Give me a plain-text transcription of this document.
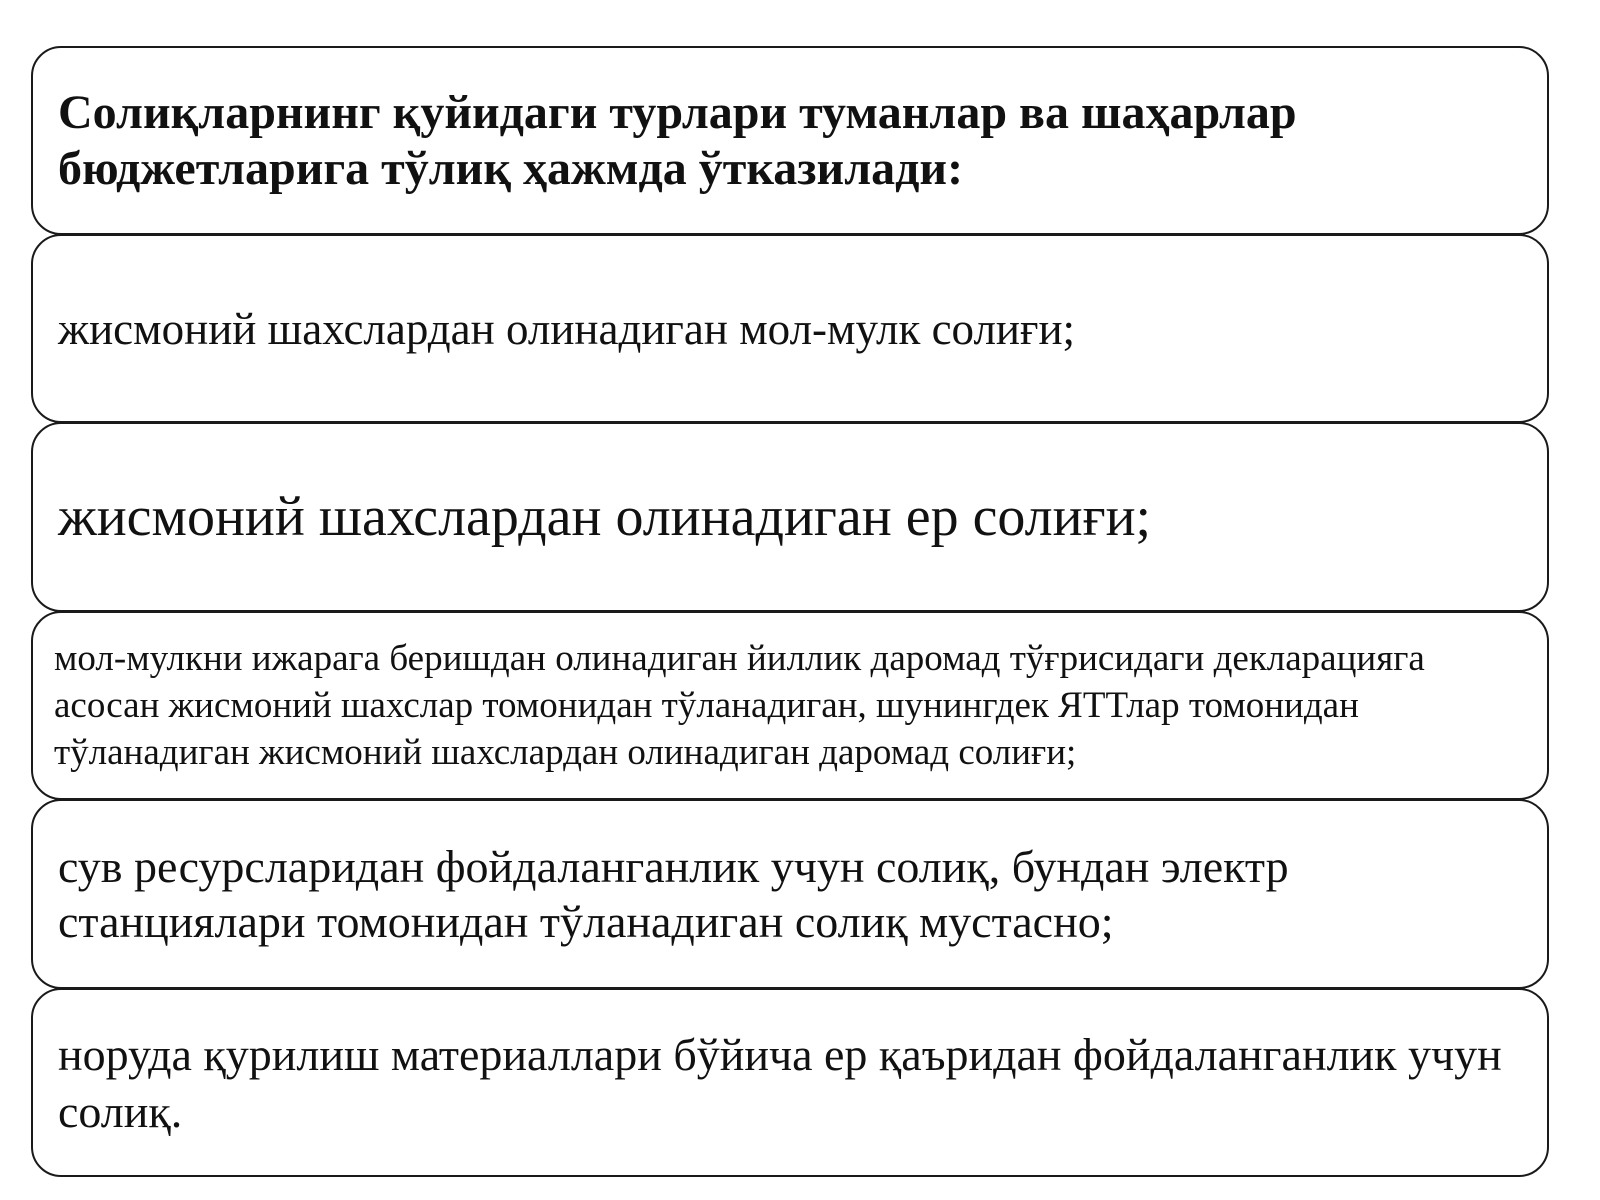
Солиқларнинг қуйидаги турлари туманлар ва шаҳарлар бюджетларига тўлиқ ҳажмда ўтказилади:

жисмоний шахслардан олинадиган мол-мулк солиғи;

жисмоний шахслардан олинадиган ер солиғи;

мол-мулкни ижарага беришдан олинадиган йиллик даромад тўғрисидаги декларацияга асосан жисмоний шахслар томонидан тўланадиган, шунингдек ЯТТлар томонидан тўланадиган жисмоний шахслардан олинадиган даромад солиғи;

сув ресурсларидан фойдаланганлик учун солиқ, бундан электр станциялари томонидан тўланадиган солиқ мустасно;

норуда қурилиш материаллари бўйича ер қаъридан фойдаланганлик учун солиқ.
